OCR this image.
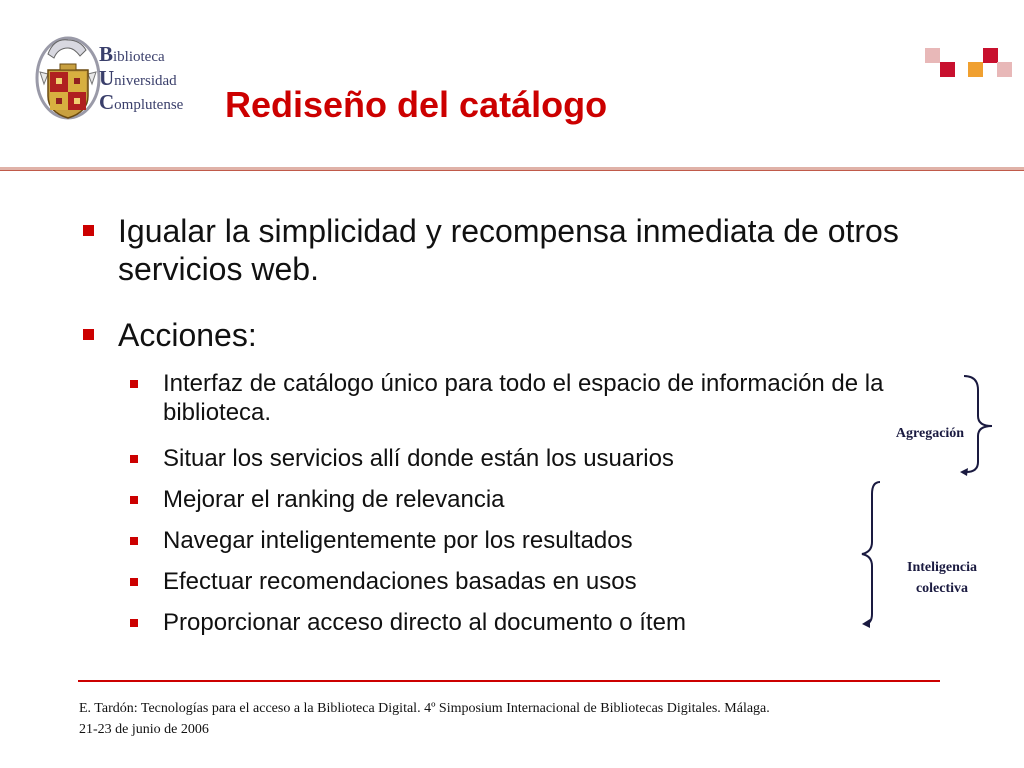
Biblioteca
Universidad
Complutense Rediseño del catálogo
Igualar la simplicidad y recompensa inmediata de otros servicios web.
Acciones:
Interfaz de catálogo único para todo el espacio de información de la biblioteca.
Situar los servicios allí donde están los usuarios
Mejorar el ranking de relevancia
Navegar inteligentemente por los resultados
Efectuar recomendaciones basadas en usos
Proporcionar acceso directo al documento o ítem
Agregación
Inteligencia
colectiva
E. Tardón: Tecnologías para el acceso a la Biblioteca Digital. 4º Simposium Internacional de Bibliotecas Digitales. Málaga.
21-23 de junio de 2006
